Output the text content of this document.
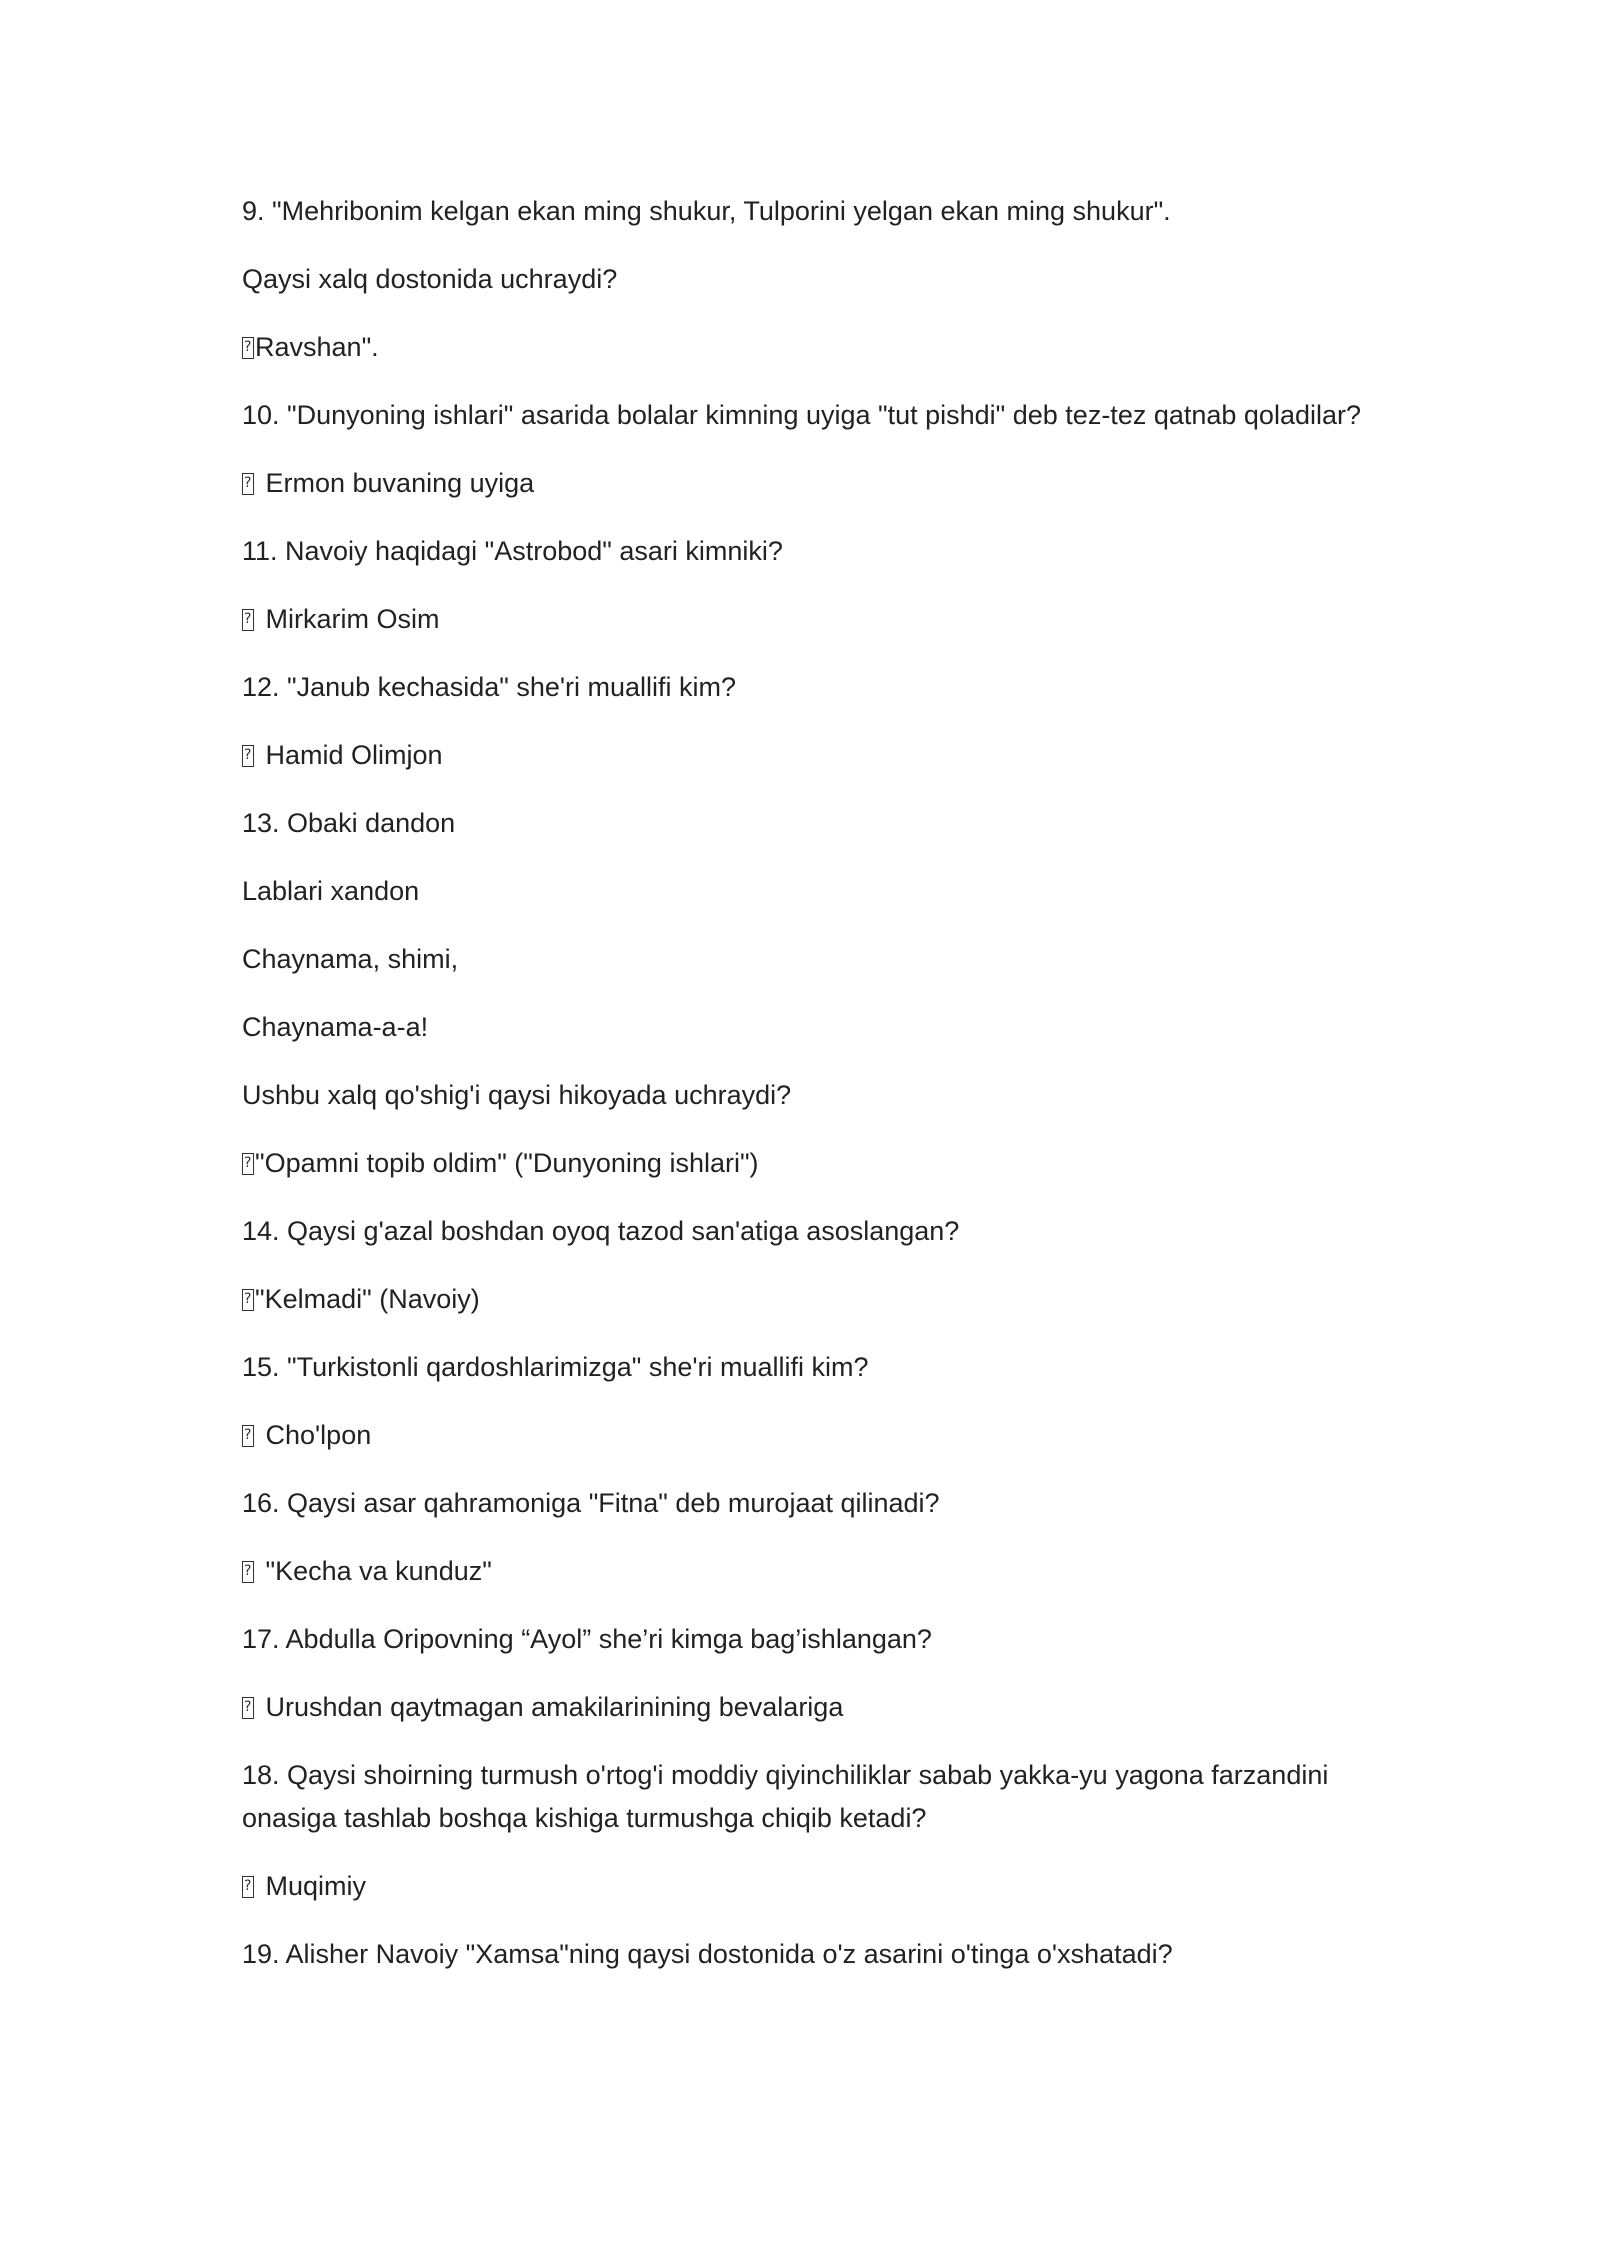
9. "Mehribonim kelgan ekan ming shukur, Tulporini yelgan ekan ming shukur".

Qaysi xalq dostonida uchraydi?

?Ravshan".

10. "Dunyoning ishlari" asarida bolalar kimning uyiga "tut pishdi" deb tez-tez qatnab qoladilar?

? Ermon buvaning uyiga

11. Navoiy haqidagi "Astrobod" asari kimniki?

? Mirkarim Osim

12. "Janub kechasida" she'ri muallifi kim?

? Hamid Olimjon

13. Obaki dandon

Lablari xandon

Chaynama, shimi,

Chaynama-a-a!

Ushbu xalq qo'shig'i qaysi hikoyada uchraydi?

?"Opamni topib oldim" ("Dunyoning ishlari")

14. Qaysi g'azal boshdan oyoq tazod san'atiga asoslangan?

?"Kelmadi" (Navoiy)

15. "Turkistonli qardoshlarimizga" she'ri muallifi kim?

? Cho'lpon

16. Qaysi asar qahramoniga "Fitna" deb murojaat qilinadi?

? "Kecha va kunduz"

17. Abdulla Oripovning “Ayol” she’ri kimga bag’ishlangan?

? Urushdan qaytmagan amakilarinining bevalariga

18. Qaysi shoirning turmush o'rtog'i moddiy qiyinchiliklar sabab yakka-yu yagona farzandini onasiga tashlab boshqa kishiga turmushga chiqib ketadi?

? Muqimiy

19. Alisher Navoiy "Xamsa"ning qaysi dostonida o'z asarini o'tinga o'xshatadi?
